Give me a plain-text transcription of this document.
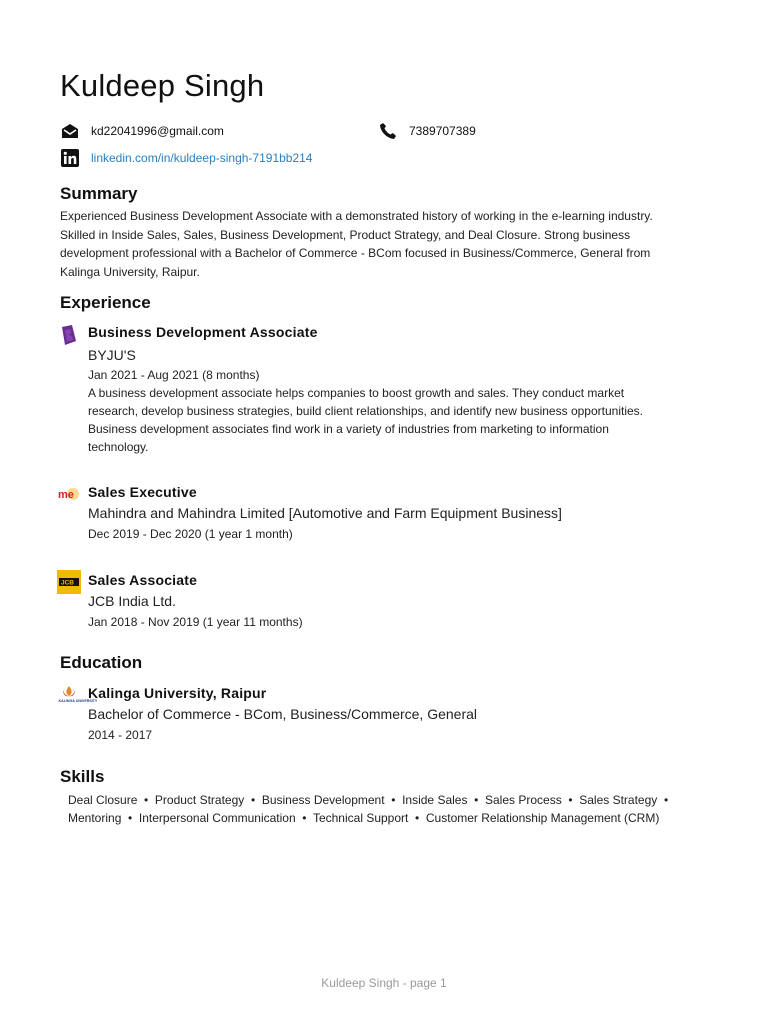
Kuldeep Singh
kd22041996@gmail.com	7389707389
linkedin.com/in/kuldeep-singh-7191bb214
Summary

Experienced Business Development Associate with a demonstrated history of working in the e-learning industry. Skilled in Inside Sales, Sales, Business Development, Product Strategy, and Deal Closure. Strong business development professional with a Bachelor of Commerce - BCom focused in Business/Commerce, General from Kalinga University, Raipur.

Experience
Business Development Associate
BYJU'S
Jan 2021 - Aug 2021 (8 months)

A business development associate helps companies to boost growth and sales. They conduct market research, develop business strategies, build client relationships, and identify new business opportunities. Business development associates find work in a variety of industries from marketing to information technology.

me Sales Executive
Mahindra and Mahindra Limited [Automotive and Farm Equipment Business]
Dec 2019 - Dec 2020 (1 year 1 month)
JCB Sales Associate
JCB India Ltd.
Jan 2018 - Nov 2019 (1 year 11 months)
Education
KALINGA UNIVERSITY
Kalinga University, Raipur
Bachelor of Commerce - BCom, Business/Commerce, General
2014 - 2017
Skills

Deal Closure  •  Product Strategy  •  Business Development  •  Inside Sales  •  Sales Process  •  Sales Strategy  •  Mentoring  •  Interpersonal Communication  •  Technical Support  •  Customer Relationship Management (CRM)

Kuldeep Singh - page 1
